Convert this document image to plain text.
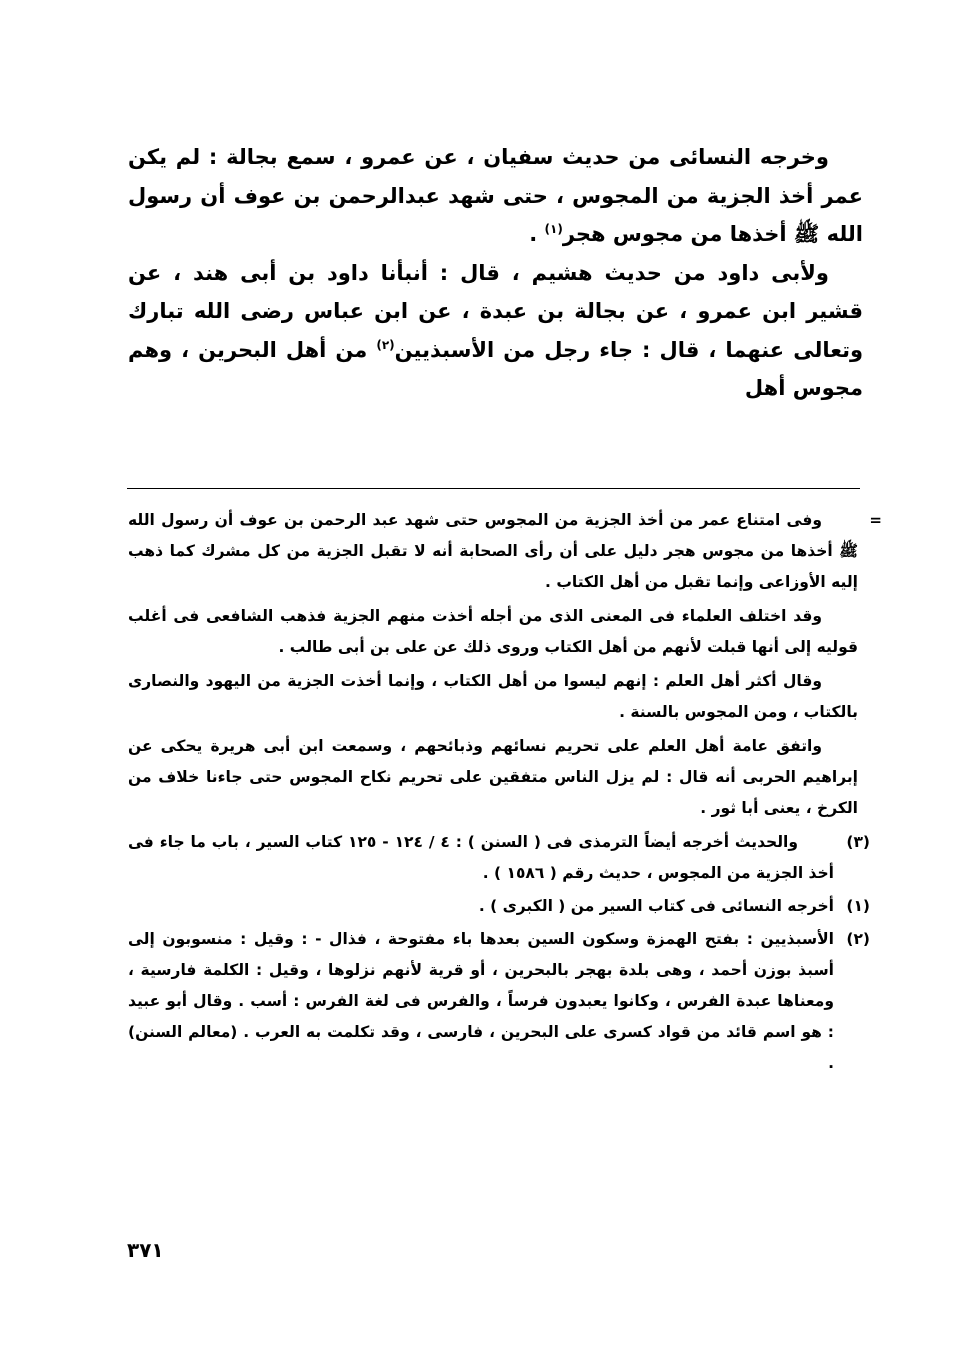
وخرجه النسائى من حديث سفيان ، عن عمرو ، سمع بجالة : لم يكن عمر أخذ الجزية من المجوس ، حتى شهد عبدالرحمن بن عوف أن رسول الله ﷺ أخذها من مجوس هجر$^{(١)}$ .

ولأبى داود من حديث هشيم ، قال : أنبأنا داود بن أبى هند ، عن قشير ابن عمرو ، عن بجالة بن عبدة ، عن ابن عباس رضى الله تبارك وتعالى عنهما ، قال : جاء رجل من الأسبذيين$^{(٢)}$ من أهل البحرين ، وهم مجوس أهل

=

وفى امتناع عمر من أخذ الجزية من المجوس حتى شهد عبد الرحمن بن عوف أن رسول الله ﷺ أخذها من مجوس هجر دليل على أن رأى الصحابة أنه لا تقبل الجزية من كل مشرك كما ذهب إليه الأوزاعى وإنما تقبل من أهل الكتاب .

وقد اختلف العلماء فى المعنى الذى من أجله أخذت منهم الجزية فذهب الشافعى فى أغلب قوليه إلى أنها قبلت لأنهم من أهل الكتاب وروى ذلك عن على بن أبى طالب .

وقال أكثر أهل العلم : إنهم ليسوا من أهل الكتاب ، وإنما أخذت الجزية من اليهود والنصارى بالكتاب ، ومن المجوس بالسنة .

واتفق عامة أهل العلم على تحريم نسائهم وذبائحهم ، وسمعت ابن أبى هريرة يحكى عن إبراهيم الحربى أنه قال : لم يزل الناس متفقين على تحريم نكاح المجوس حتى جاءنا خلاف من الكرخ ، يعنى أبا ثور .

(٣)

والحديث أخرجه أيضاً الترمذى فى ( السنن ) : ٤ / ١٢٤ - ١٢٥ كتاب السير ، باب ما جاء فى أخذ الجزية من المجوس ، حديث رقم ( ١٥٨٦ ) .

(١)

أخرجه النسائى فى كتاب السير من ( الكبرى ) .

(٢)

الأسبذيين : بفتح الهمزة وسكون السين بعدها باء مفتوحة ، فذال - : وقيل : منسوبون إلى أسبذ بوزن أحمد ، وهى بلدة بهجر بالبحرين ، أو قرية لأنهم نزلوها ، وقيل : الكلمة فارسية ، ومعناها عبدة الفرس ، وكانوا يعبدون فرساً ، والفرس فى لغة الفرس : أسب . وقال أبو عبيد : هو اسم قائد من قواد كسرى على البحرين ، فارسى ، وقد تكلمت به العرب . (معالم السنن) .

٣٧١
